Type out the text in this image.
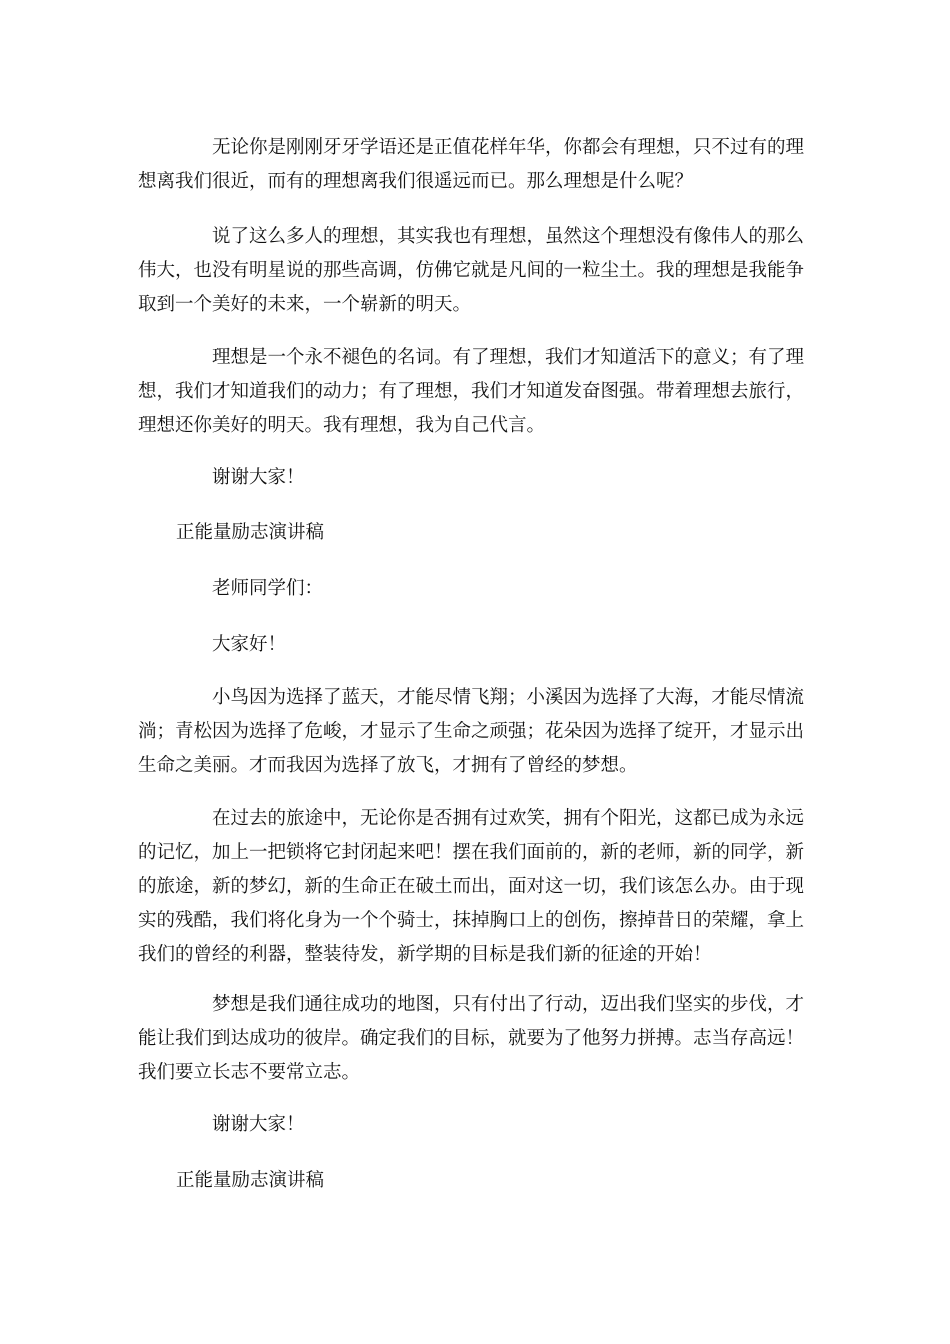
无论你是刚刚牙牙学语还是正值花样年华，你都会有理想，只不过有的理想离我们很近，而有的理想离我们很遥远而已。那么理想是什么呢？

说了这么多人的理想，其实我也有理想，虽然这个理想没有像伟人的那么伟大，也没有明星说的那些高调，仿佛它就是凡间的一粒尘土。我的理想是我能争取到一个美好的未来，一个崭新的明天。

理想是一个永不褪色的名词。有了理想，我们才知道活下的意义；有了理想，我们才知道我们的动力；有了理想，我们才知道发奋图强。带着理想去旅行，理想还你美好的明天。我有理想，我为自己代言。

谢谢大家！

正能量励志演讲稿

老师同学们：

大家好！

小鸟因为选择了蓝天，才能尽情飞翔；小溪因为选择了大海，才能尽情流淌；青松因为选择了危峻，才显示了生命之顽强；花朵因为选择了绽开，才显示出生命之美丽。才而我因为选择了放飞，才拥有了曾经的梦想。

在过去的旅途中，无论你是否拥有过欢笑，拥有个阳光，这都已成为永远的记忆，加上一把锁将它封闭起来吧！摆在我们面前的，新的老师，新的同学，新的旅途，新的梦幻，新的生命正在破土而出，面对这一切，我们该怎么办。由于现实的残酷，我们将化身为一个个骑士，抹掉胸口上的创伤，擦掉昔日的荣耀，拿上我们的曾经的利器，整装待发，新学期的目标是我们新的征途的开始！

梦想是我们通往成功的地图，只有付出了行动，迈出我们坚实的步伐，才能让我们到达成功的彼岸。确定我们的目标，就要为了他努力拼搏。志当存高远！我们要立长志不要常立志。

谢谢大家！

正能量励志演讲稿
